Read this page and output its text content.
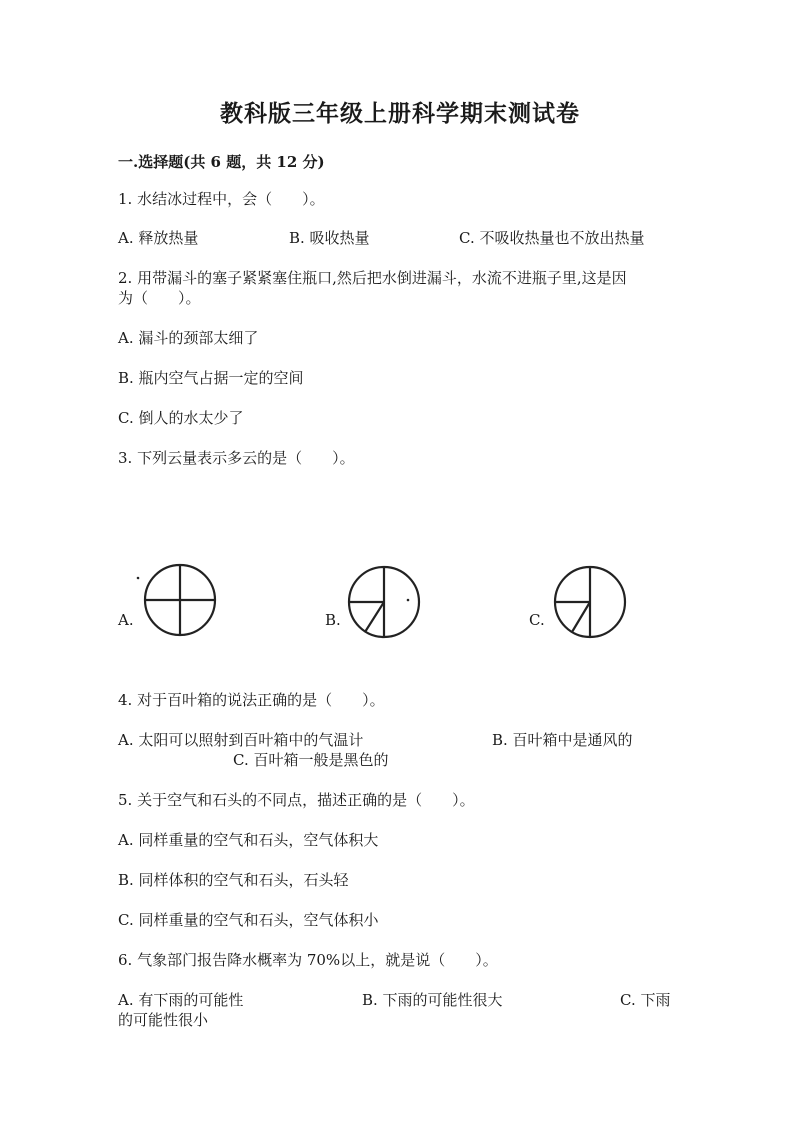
教科版三年级上册科学期末测试卷
一.选择题(共 6 题，共 12 分)
1. 水结冰过程中，会（　　）。
A. 释放热量	B. 吸收热量	C. 不吸收热量也不放出热量
2. 用带漏斗的塞子紧紧塞住瓶口,然后把水倒进漏斗，水流不进瓶子里,这是因
为（　　）。
A. 漏斗的颈部太细了
B. 瓶内空气占据一定的空间
C. 倒人的水太少了
3. 下列云量表示多云的是（　　）。
A.	B.	C.
4. 对于百叶箱的说法正确的是（　　）。
A. 太阳可以照射到百叶箱中的气温计	B. 百叶箱中是通风的
C. 百叶箱一般是黑色的
5. 关于空气和石头的不同点，描述正确的是（　　）。
A. 同样重量的空气和石头，空气体积大
B. 同样体积的空气和石头，石头轻
C. 同样重量的空气和石头，空气体积小
6. 气象部门报告降水概率为 70%以上，就是说（　　）。
A. 有下雨的可能性	B. 下雨的可能性很大	C. 下雨
的可能性很小
